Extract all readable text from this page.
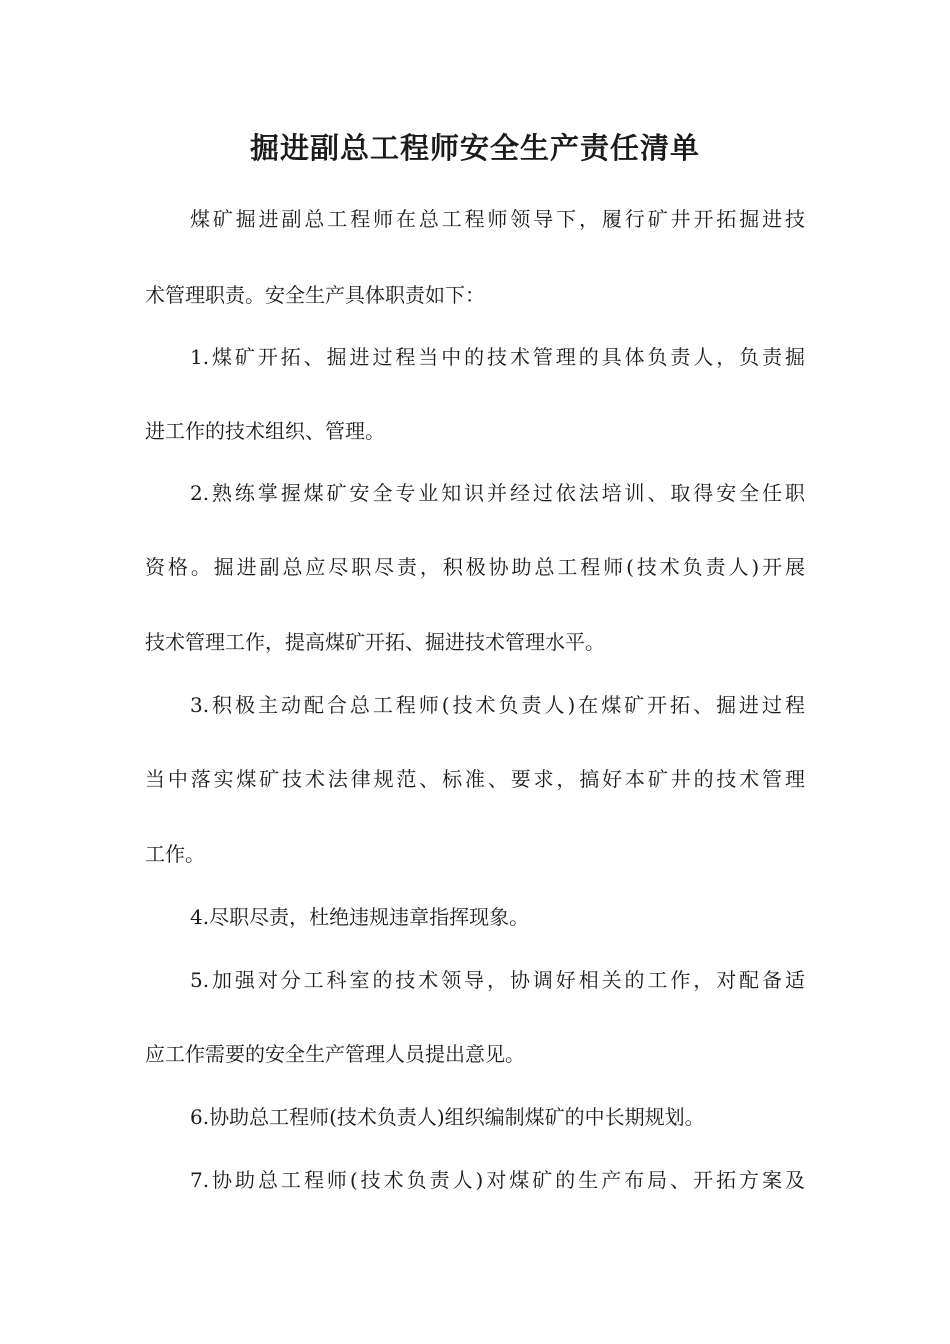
掘进副总工程师安全生产责任清单

煤矿掘进副总工程师在总工程师领导下，履行矿井开拓掘进技

术管理职责。安全生产具体职责如下：

1.煤矿开拓、掘进过程当中的技术管理的具体负责人，负责掘

进工作的技术组织、管理。

2.熟练掌握煤矿安全专业知识并经过依法培训、取得安全任职

资格。掘进副总应尽职尽责，积极协助总工程师(技术负责人)开展

技术管理工作，提高煤矿开拓、掘进技术管理水平。

3.积极主动配合总工程师(技术负责人)在煤矿开拓、掘进过程

当中落实煤矿技术法律规范、标准、要求，搞好本矿井的技术管理

工作。

4.尽职尽责，杜绝违规违章指挥现象。

5.加强对分工科室的技术领导，协调好相关的工作，对配备适

应工作需要的安全生产管理人员提出意见。

6.协助总工程师(技术负责人)组织编制煤矿的中长期规划。

7.协助总工程师(技术负责人)对煤矿的生产布局、开拓方案及
